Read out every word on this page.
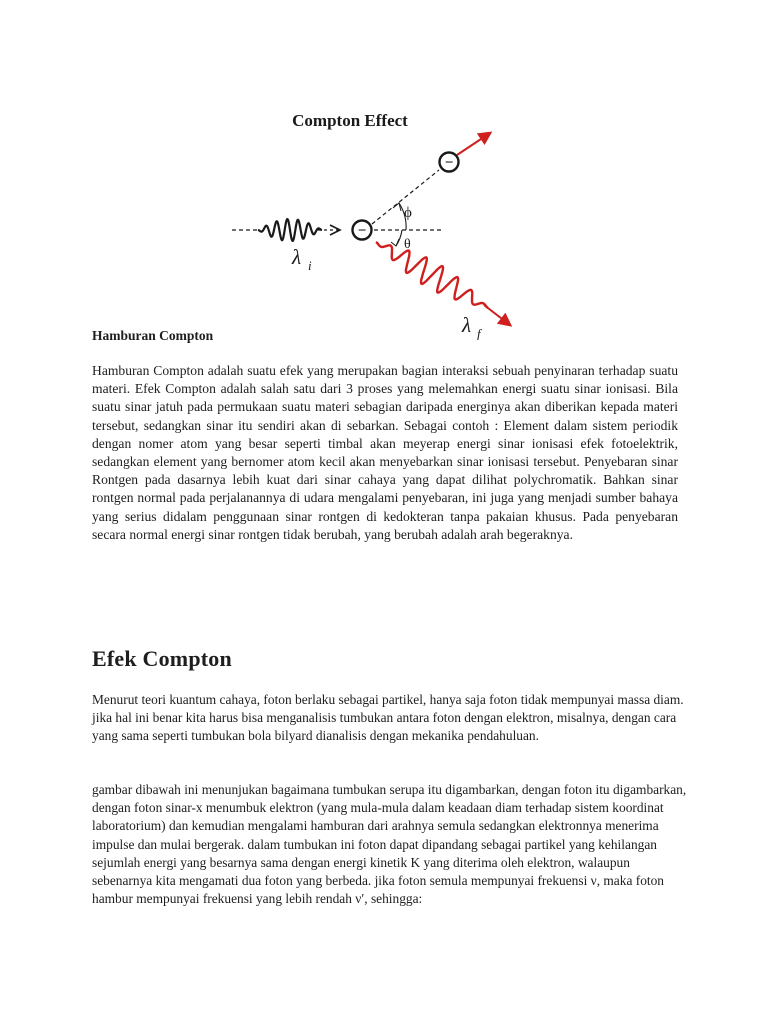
Compton Effect
−
−
ϕ
θ
λ i
λ f

Hamburan Compton

Hamburan Compton adalah suatu efek yang merupakan bagian interaksi sebuah penyinaran terhadap suatu materi. Efek Compton adalah salah satu dari 3 proses yang melemahkan energi suatu sinar ionisasi. Bila suatu sinar jatuh pada permukaan suatu materi sebagian daripada energinya akan diberikan kepada materi tersebut, sedangkan sinar itu sendiri akan di sebarkan. Sebagai contoh : Element dalam sistem periodik dengan nomer atom yang besar seperti timbal akan meyerap energi sinar ionisasi efek fotoelektrik, sedangkan element yang bernomer atom kecil akan menyebarkan sinar ionisasi tersebut. Penyebaran sinar Rontgen pada dasarnya lebih kuat dari sinar cahaya yang dapat dilihat polychromatik. Bahkan sinar rontgen normal pada perjalanannya di udara mengalami penyebaran, ini juga yang menjadi sumber bahaya yang serius didalam penggunaan sinar rontgen di kedokteran tanpa pakaian khusus. Pada penyebaran secara normal energi sinar rontgen tidak berubah, yang berubah adalah arah begeraknya.

Efek Compton

Menurut teori kuantum cahaya, foton berlaku sebagai partikel, hanya saja foton tidak mempunyai massa diam. jika hal ini benar kita harus bisa menganalisis tumbukan antara foton dengan elektron, misalnya, dengan cara yang sama seperti tumbukan bola bilyard dianalisis dengan mekanika pendahuluan.

gambar dibawah ini menunjukan bagaimana tumbukan serupa itu digambarkan, dengan foton itu digambarkan, dengan foton sinar-x menumbuk elektron (yang mula-mula dalam keadaan diam terhadap sistem koordinat laboratorium) dan kemudian mengalami hamburan dari arahnya semula sedangkan elektronnya menerima impulse dan mulai bergerak. dalam tumbukan ini foton dapat dipandang sebagai partikel yang kehilangan sejumlah energi yang besarnya sama dengan energi kinetik K yang diterima oleh elektron, walaupun sebenarnya kita mengamati dua foton yang berbeda. jika foton semula mempunyai frekuensi ν, maka foton hambur mempunyai frekuensi yang lebih rendah ν′, sehingga:
